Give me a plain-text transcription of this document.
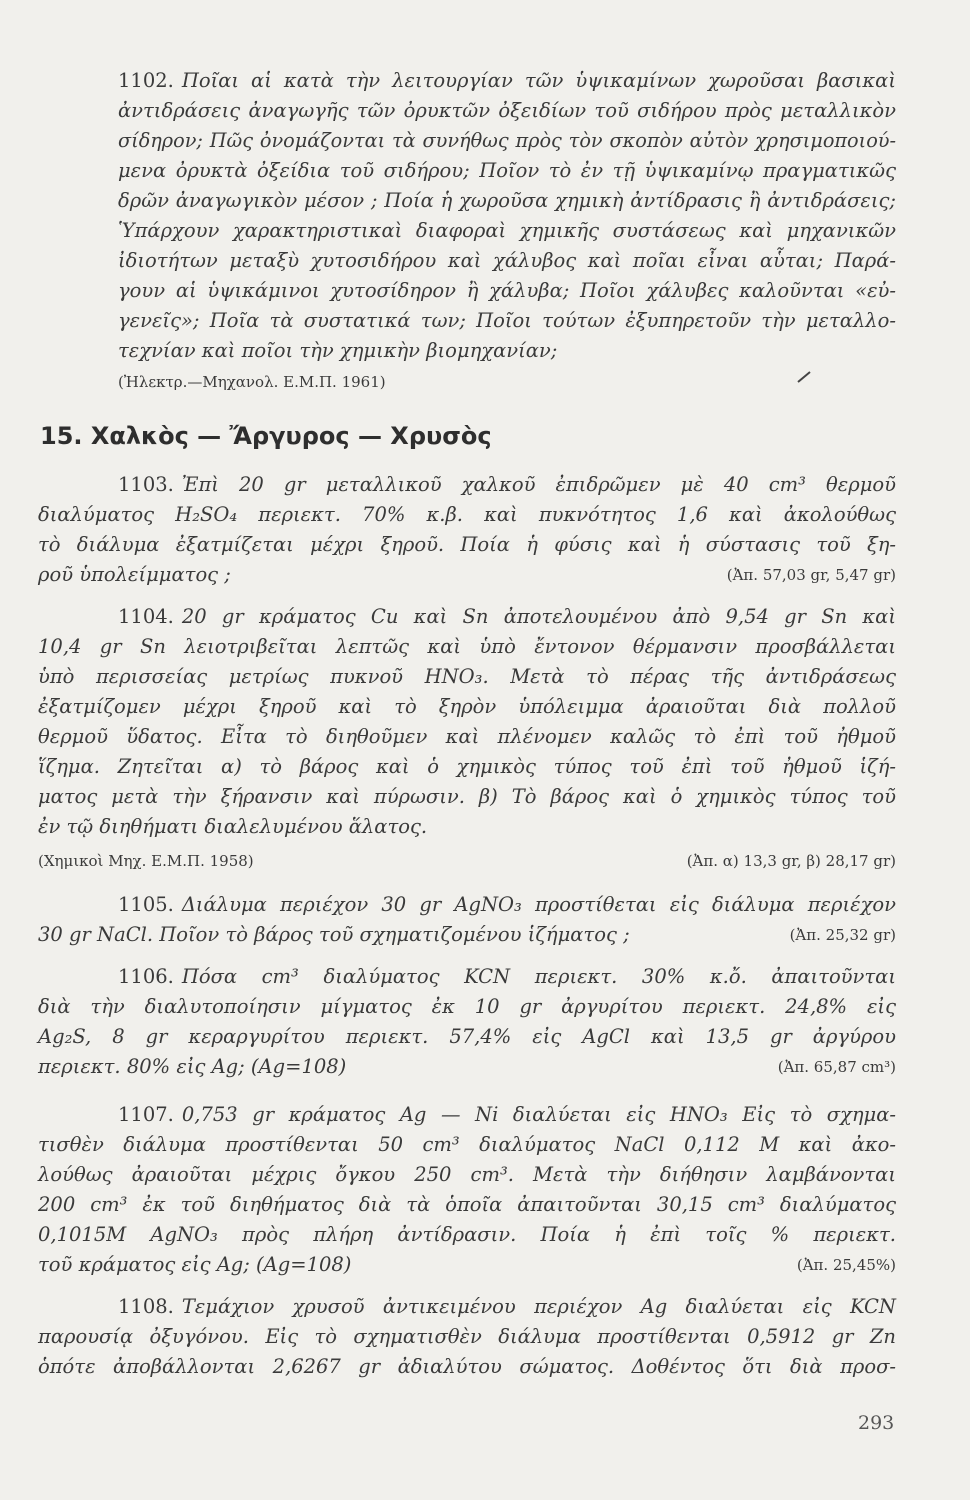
1102. Ποῖαι αἱ κατὰ τὴν λειτουργίαν τῶν ὑψικαμίνων χωροῦσαι βασικαὶ
ἀντιδράσεις ἀναγωγῆς τῶν ὀρυκτῶν ὀξειδίων τοῦ σιδήρου πρὸς μεταλλικὸν
σίδηρον; Πῶς ὀνομάζονται τὰ συνήθως πρὸς τὸν σκοπὸν αὐτὸν χρησιμοποιού-
μενα ὀρυκτὰ ὀξείδια τοῦ σιδήρου; Ποῖον τὸ ἐν τῇ ὑψικαμίνῳ πραγματικῶς
δρῶν ἀναγωγικὸν μέσον ; Ποία ἡ χωροῦσα χημικὴ ἀντίδρασις ἢ ἀντιδράσεις;
Ὑπάρχουν χαρακτηριστικαὶ διαφοραὶ χημικῆς συστάσεως καὶ μηχανικῶν
ἰδιοτήτων μεταξὺ χυτοσιδήρου καὶ χάλυβος καὶ ποῖαι εἶναι αὗται; Παρά-
γουν αἱ ὑψικάμινοι χυτοσίδηρον ἢ χάλυβα; Ποῖοι χάλυβες καλοῦνται «εὐ-
γενεῖς»; Ποῖα τὰ συστατικά των; Ποῖοι τούτων ἐξυπηρετοῦν τὴν μεταλλο-
τεχνίαν καὶ ποῖοι τὴν χημικὴν βιομηχανίαν;
(Ἠλεκτρ.—Μηχανολ. Ε.Μ.Π. 1961)
15. Χαλκὸς — Ἄργυρος — Χρυσὸς
1103. Ἐπὶ 20 gr μεταλλικοῦ χαλκοῦ ἐπιδρῶμεν μὲ 40 cm³ θερμοῦ
διαλύματος H₂SO₄ περιεκτ. 70% κ.β. καὶ πυκνότητος 1,6 καὶ ἀκολούθως
τὸ διάλυμα ἐξατμίζεται μέχρι ξηροῦ. Ποία ἡ φύσις καὶ ἡ σύστασις τοῦ ξη-
ροῦ ὑπολείμματος ;	(Ἀπ. 57,03 gr, 5,47 gr)
1104. 20 gr κράματος Cu καὶ Sn ἀποτελουμένου ἀπὸ 9,54 gr Sn καὶ
10,4 gr Sn λειοτριβεῖται λεπτῶς καὶ ὑπὸ ἔντονον θέρμανσιν προσβάλλεται
ὑπὸ περισσείας μετρίως πυκνοῦ HNO₃. Μετὰ τὸ πέρας τῆς ἀντιδράσεως
ἐξατμίζομεν μέχρι ξηροῦ καὶ τὸ ξηρὸν ὑπόλειμμα ἀραιοῦται διὰ πολλοῦ
θερμοῦ ὕδατος. Εἶτα τὸ διηθοῦμεν καὶ πλένομεν καλῶς τὸ ἐπὶ τοῦ ἠθμοῦ
ἵζημα. Ζητεῖται α) τὸ βάρος καὶ ὁ χημικὸς τύπος τοῦ ἐπὶ τοῦ ἠθμοῦ ἱζή-
ματος μετὰ τὴν ξήρανσιν καὶ πύρωσιν. β) Τὸ βάρος καὶ ὁ χημικὸς τύπος τοῦ
ἐν τῷ διηθήματι διαλελυμένου ἅλατος.
(Χημικοὶ Μηχ. Ε.Μ.Π. 1958)	(Ἀπ. α) 13,3 gr, β) 28,17 gr)
1105. Διάλυμα περιέχον 30 gr AgNO₃ προστίθεται εἰς διάλυμα περιέχον
30 gr NaCl. Ποῖον τὸ βάρος τοῦ σχηματιζομένου ἱζήματος ;	(Ἀπ. 25,32 gr)
1106. Πόσα cm³ διαλύματος KCN περιεκτ. 30% κ.ὄ. ἀπαιτοῦνται
διὰ τὴν διαλυτοποίησιν μίγματος ἐκ 10 gr ἀργυρίτου περιεκτ. 24,8% εἰς
Ag₂S, 8 gr κεραργυρίτου περιεκτ. 57,4% εἰς AgCl καὶ 13,5 gr ἀργύρου
περιεκτ. 80% εἰς Ag; (Ag=108)	(Ἀπ. 65,87 cm³)
1107. 0,753 gr κράματος Ag — Ni διαλύεται εἰς HNO₃ Εἰς τὸ σχημα-
τισθὲν διάλυμα προστίθενται 50 cm³ διαλύματος NaCl 0,112 M καὶ ἀκο-
λούθως ἀραιοῦται μέχρις ὄγκου 250 cm³. Μετὰ τὴν διήθησιν λαμβάνονται
200 cm³ ἐκ τοῦ διηθήματος διὰ τὰ ὁποῖα ἀπαιτοῦνται 30,15 cm³ διαλύματος
0,1015M AgNO₃ πρὸς πλήρη ἀντίδρασιν. Ποία ἡ ἐπὶ τοῖς % περιεκτ.
τοῦ κράματος εἰς Ag; (Ag=108)	(Ἀπ. 25,45%)
1108. Τεμάχιον χρυσοῦ ἀντικειμένου περιέχον Ag διαλύεται εἰς KCN
παρουσίᾳ ὀξυγόνου. Εἰς τὸ σχηματισθὲν διάλυμα προστίθενται 0,5912 gr Zn
ὁπότε ἀποβάλλονται 2,6267 gr ἀδιαλύτου σώματος. Δοθέντος ὅτι διὰ προσ-
293
